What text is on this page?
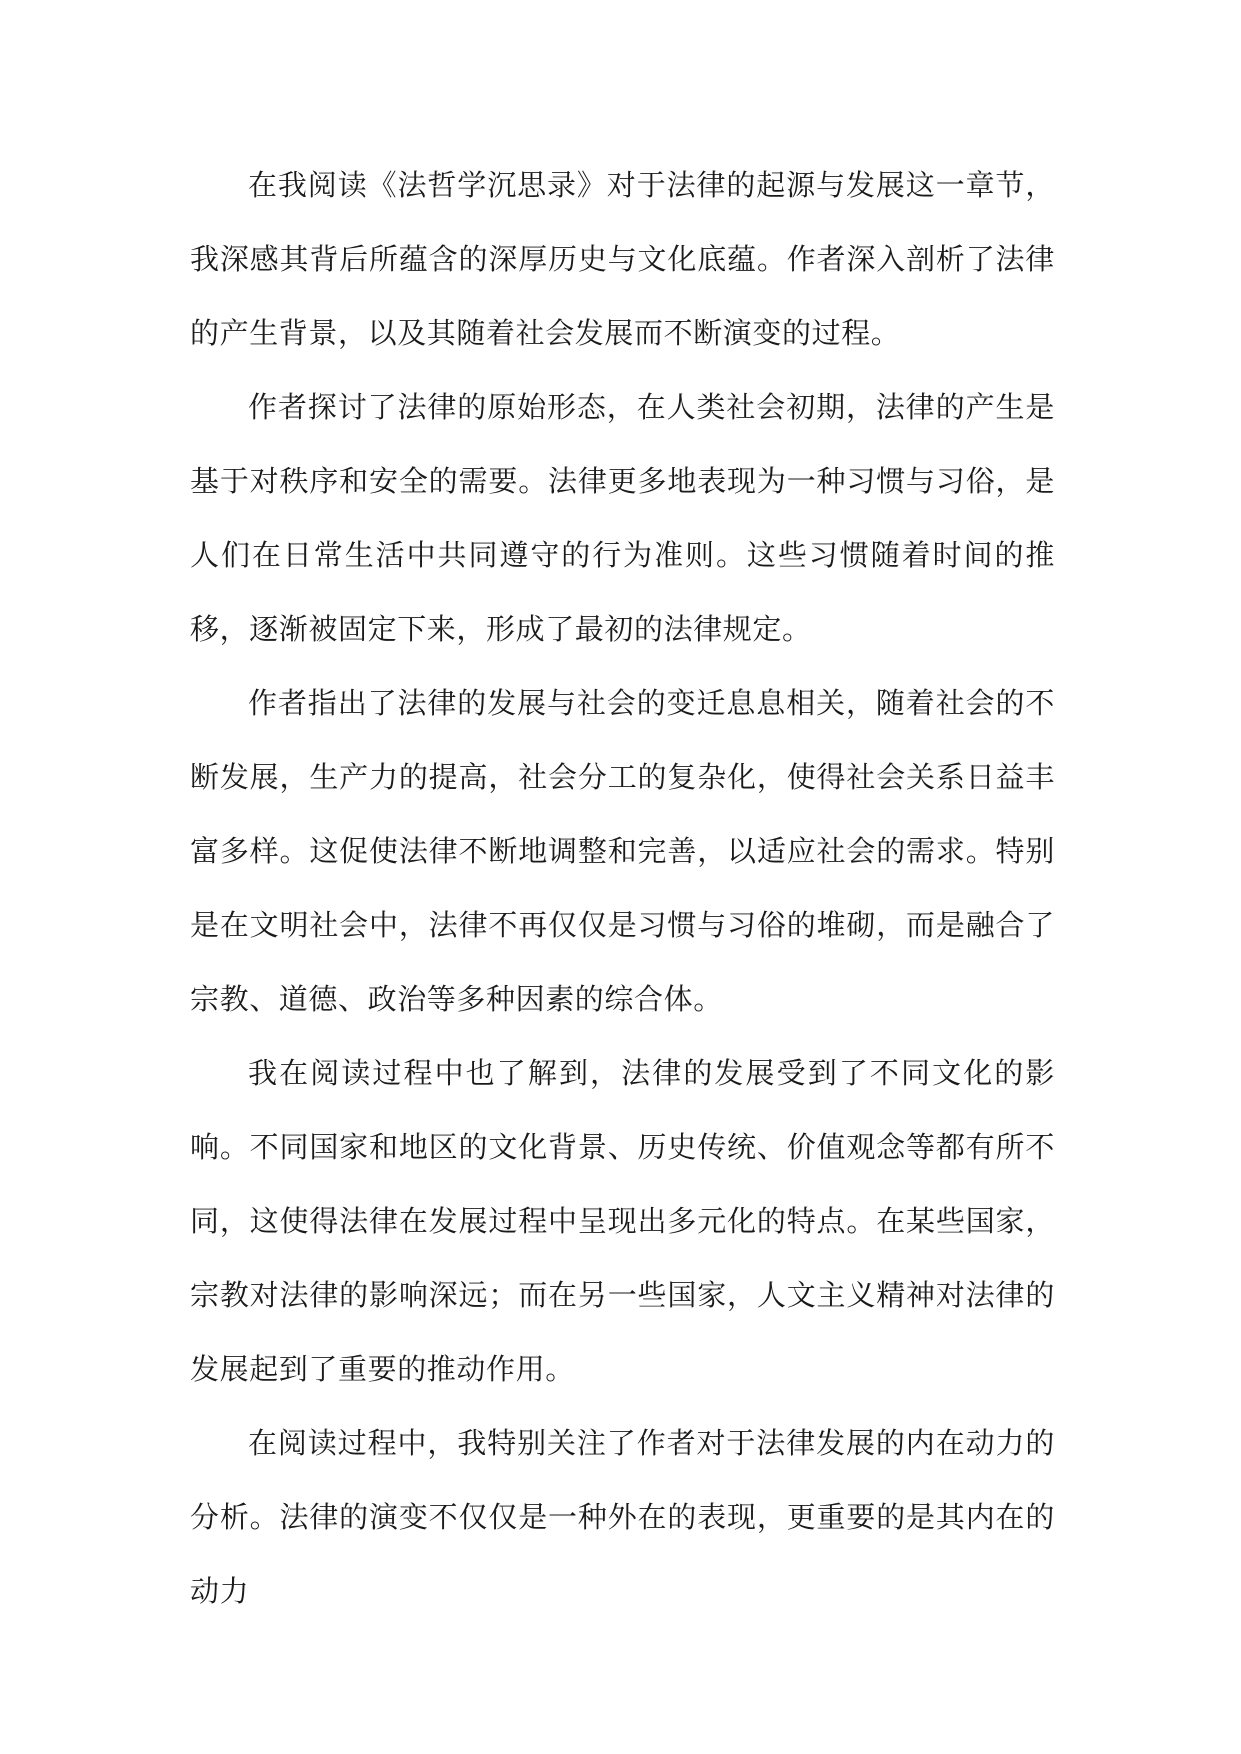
在我阅读《法哲学沉思录》对于法律的起源与发展这一章节，我深感其背后所蕴含的深厚历史与文化底蕴。作者深入剖析了法律的产生背景，以及其随着社会发展而不断演变的过程。

作者探讨了法律的原始形态，在人类社会初期，法律的产生是基于对秩序和安全的需要。法律更多地表现为一种习惯与习俗，是人们在日常生活中共同遵守的行为准则。这些习惯随着时间的推移，逐渐被固定下来，形成了最初的法律规定。

作者指出了法律的发展与社会的变迁息息相关，随着社会的不断发展，生产力的提高，社会分工的复杂化，使得社会关系日益丰富多样。这促使法律不断地调整和完善，以适应社会的需求。特别是在文明社会中，法律不再仅仅是习惯与习俗的堆砌，而是融合了宗教、道德、政治等多种因素的综合体。

我在阅读过程中也了解到，法律的发展受到了不同文化的影响。不同国家和地区的文化背景、历史传统、价值观念等都有所不同，这使得法律在发展过程中呈现出多元化的特点。在某些国家，宗教对法律的影响深远；而在另一些国家，人文主义精神对法律的发展起到了重要的推动作用。

在阅读过程中，我特别关注了作者对于法律发展的内在动力的分析。法律的演变不仅仅是一种外在的表现，更重要的是其内在的动力
